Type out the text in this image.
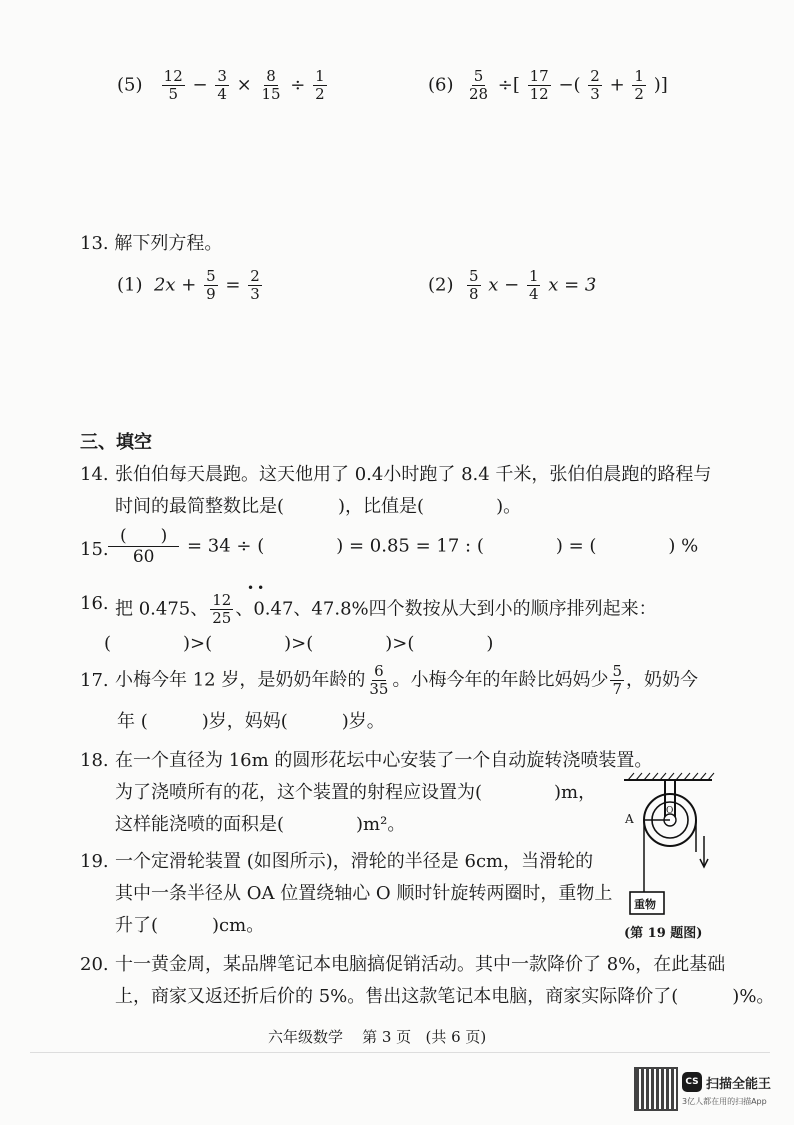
$(5) \frac{12}{5} - \frac{3}{4} \times \frac{8}{15} \div \frac{1}{2}$	$(6) \frac{5}{28}$ ÷[ $\frac{17}{12}$ −( $\frac{2}{3} + \frac{1}{2}$ )]
13. 解下列方程。
(1) $2x + \frac{5}{9} = \frac{2}{3}$	$(2) \frac{5}{8}$ $x - \frac{1}{4}$ x = 3
三、填空
14. 张伯伯每天晨跑。这天他用了 0.4小时跑了 8.4 千米，张伯伯晨跑的路程与
时间的最简整数比是(　　　)，比值是(　　　　)。
15. $\frac{( )}{60} = 34$ ÷ (　　　　) = 0.85 = 17 : (　　　　) = (　　　　) %
16. 把 0.475、 $\frac{12}{25}$ 、0.47、47.8%四个数按从大到小的顺序排列起来：
••
(　　　　)>(　　　　)>(　　　　)>(　　　　)
17. 小梅今年 12 岁，是奶奶年龄的 $\frac{6}{35}$ 。小梅今年的年龄比妈妈少 $\frac{5}{7}$ ，奶奶今
年 (　　　)岁，妈妈(　　　)岁。
18. 在一个直径为 16m 的圆形花坛中心安装了一个自动旋转浇喷装置。
为了浇喷所有的花，这个装置的射程应设置为(　　　　)m，
这样能浇喷的面积是(　　　　)m²。
19. 一个定滑轮装置 (如图所示)，滑轮的半径是 6cm，当滑轮的
其中一条半径从 OA 位置绕轴心 O 顺时针旋转两圈时，重物上
升了(　　　)cm。
A
O
重物
(第 19 题图)
20. 十一黄金周，某品牌笔记本电脑搞促销活动。其中一款降价了 8%，在此基础
上，商家又返还折后价的 5%。售出这款笔记本电脑，商家实际降价了(　　　)%。
六年级数学 第 3 页 (共 6 页)
CS 扫描全能王
3亿人都在用的扫描App
